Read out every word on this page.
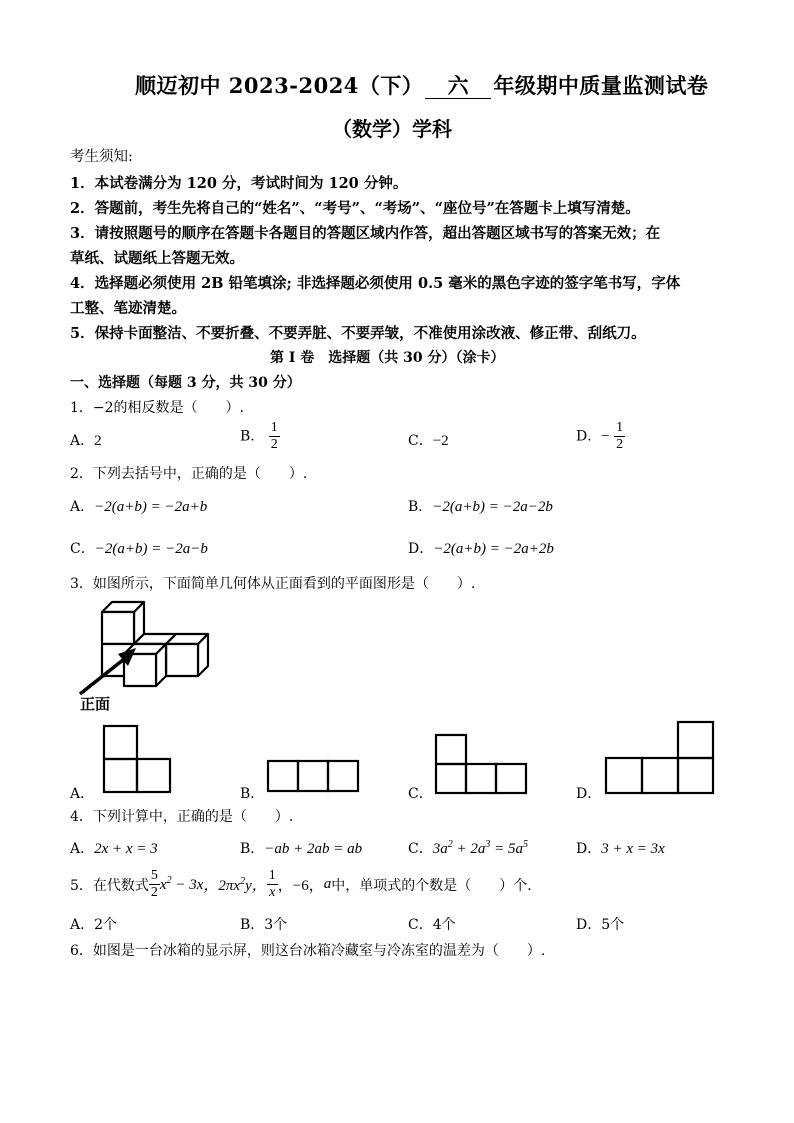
顺迈初中 2023-2024（下） 六 年级期中质量监测试卷
（数学）学科
考生须知:
1．本试卷满分为 120 分，考试时间为 120 分钟。
2．答题前，考生先将自己的“姓名”、“考号”、“考场”、“座位号”在答题卡上填写清楚。
3．请按照题号的顺序在答题卡各题目的答题区域内作答，超出答题区域书写的答案无效；在
草纸、试题纸上答题无效。
4．选择题必须使用 2B 铅笔填涂; 非选择题必须使用 0.5 毫米的黑色字迹的签字笔书写，字体
工整、笔迹清楚。
5．保持卡面整洁、不要折叠、不要弄脏、不要弄皱，不准使用涂改液、修正带、刮纸刀。
第 I 卷　选择题（共 30 分）（涂卡）
一、选择题（每题 3 分，共 30 分）
1．−2的相反数是（　　）.
A．2	B． $\frac{1}{2}$	C．−2	D．− $\frac{1}{2}$
2．下列去括号中，正确的是（　　）.
A．−2(a+b) = −2a+b	B．−2(a+b) = −2a−2b
C．−2(a+b) = −2a−b	D．−2(a+b) = −2a+2b
3．如图所示，下面简单几何体从正面看到的平面图形是（　　）.
正面
A．	B．	C．	D．
4．下列计算中，正确的是（　　）.
A．2x + x = 3	B．−ab + 2ab = ab	C．$3a^2 + 2a^3 = 5a^5$	D．3 + x = 3x
5．在代数式 $\frac{5}{2} x^2 - 3x$ ，$2\pi x^2y$， $\frac{1}{x}$ ，−6， a 中，单项式的个数是（　　）个.
A．2个	B．3个	C．4个	D．5个
6．如图是一台冰箱的显示屏，则这台冰箱冷藏室与冷冻室的温差为（　　）.
